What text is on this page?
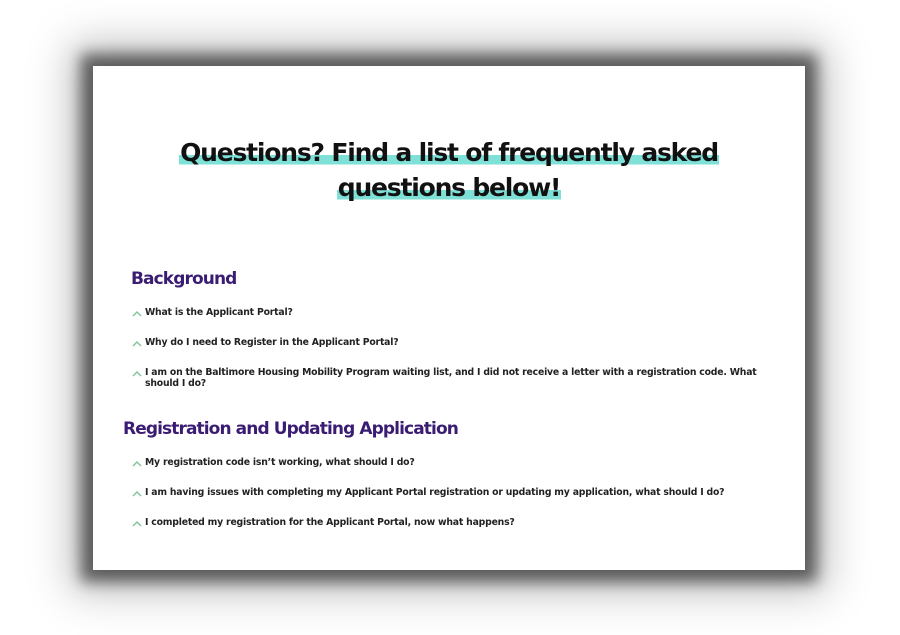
Questions? Find a list of frequently asked
questions below!
Background
What is the Applicant Portal?
Why do I need to Register in the Applicant Portal?
I am on the Baltimore Housing Mobility Program waiting list, and I did not receive a letter with a registration code. What should I do?
Registration and Updating Application
My registration code isn’t working, what should I do?
I am having issues with completing my Applicant Portal registration or updating my application, what should I do?
I completed my registration for the Applicant Portal, now what happens?
